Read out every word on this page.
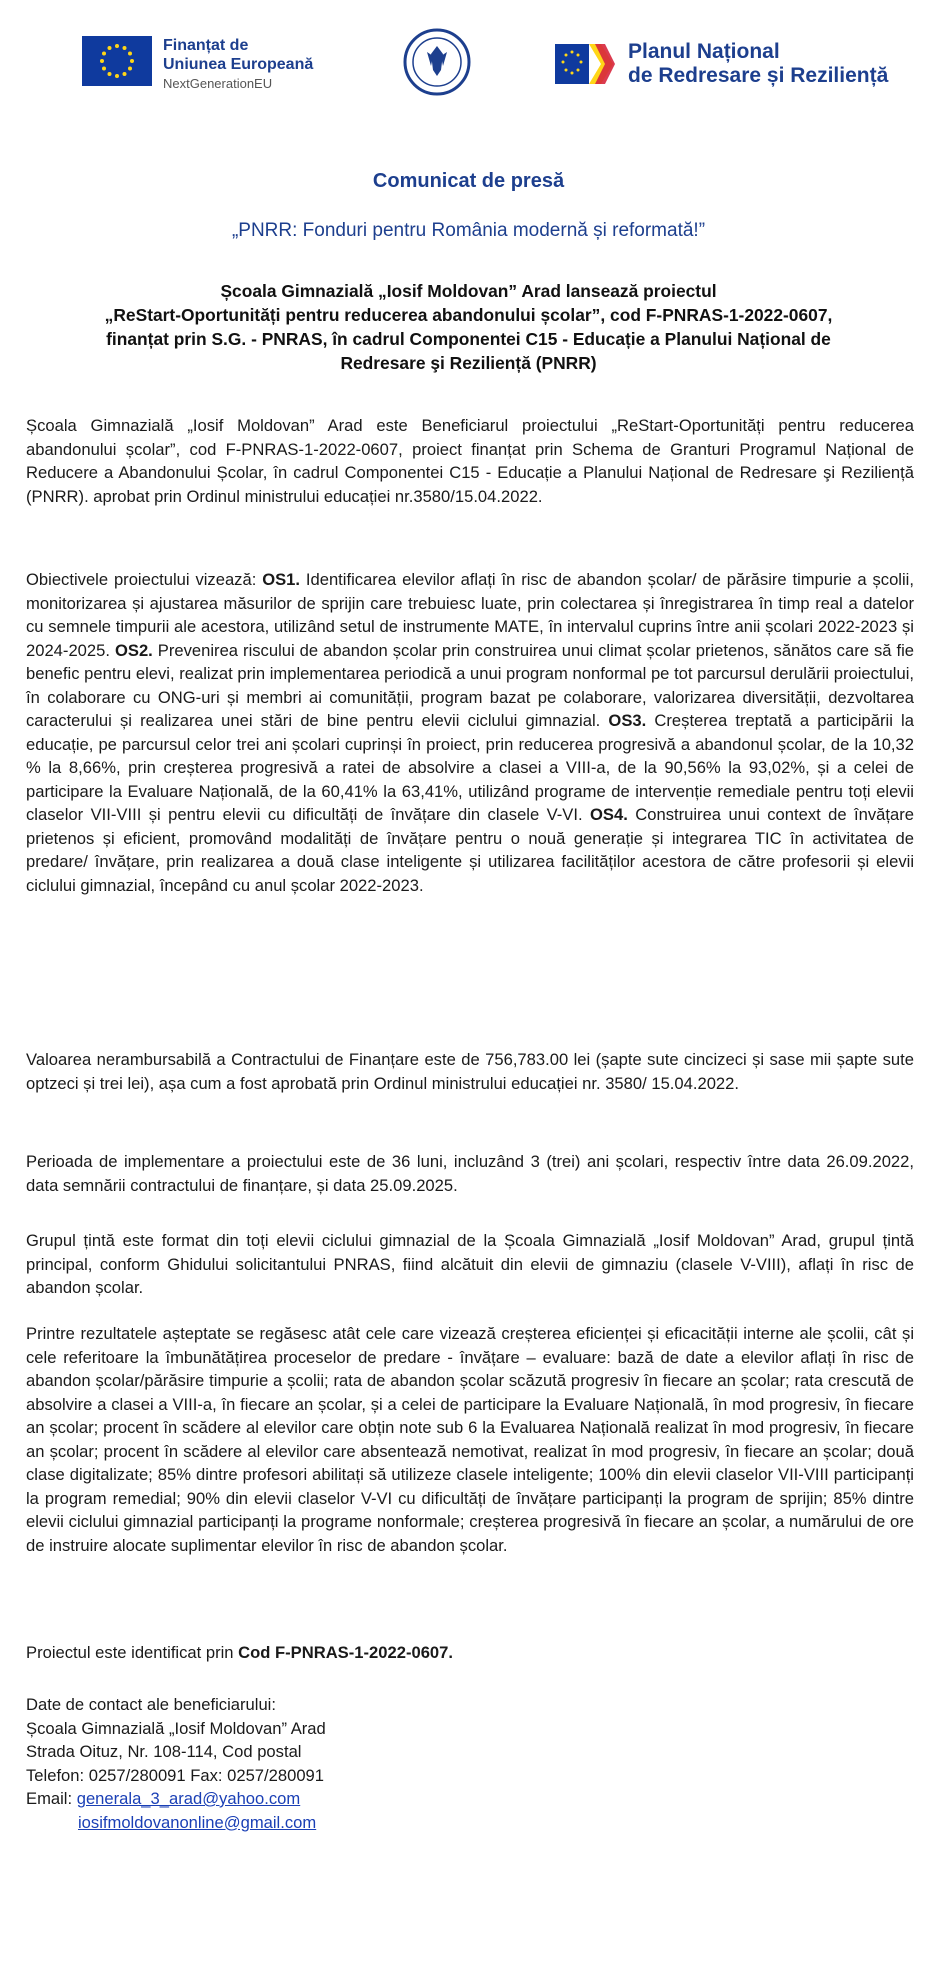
Finanțat de
Uniunea Europeană
NextGenerationEU
Planul Național
de Redresare și Reziliență
Comunicat de presă
„PNRR: Fonduri pentru România modernă și reformată!”
Școala Gimnazială „Iosif Moldovan” Arad lansează proiectul
„ReStart-Oportunități pentru reducerea abandonului școlar”, cod F-PNRAS-1-2022-0607,
finanțat prin S.G. - PNRAS, în cadrul Componentei C15 - Educație a Planului Național de
Redresare şi Reziliență (PNRR)
Școala Gimnazială „Iosif Moldovan” Arad este Beneficiarul proiectului „ReStart-Oportunități pentru reducerea abandonului școlar”, cod F-PNRAS-1-2022-0607, proiect finanțat prin Schema de Granturi Programul Național de Reducere a Abandonului Școlar, în cadrul Componentei C15 - Educație a Planului Național de Redresare şi Reziliență (PNRR). aprobat prin Ordinul ministrului educației nr.3580/15.04.2022.
Obiectivele proiectului vizează: OS1. Identificarea elevilor aflați în risc de abandon școlar/ de părăsire timpurie a școlii, monitorizarea și ajustarea măsurilor de sprijin care trebuiesc luate, prin colectarea și înregistrarea în timp real a datelor cu semnele timpurii ale acestora, utilizând setul de instrumente MATE, în intervalul cuprins între anii școlari 2022-2023 și 2024-2025. OS2. Prevenirea riscului de abandon școlar prin construirea unui climat școlar prietenos, sănătos care să fie benefic pentru elevi, realizat prin implementarea periodică a unui program nonformal pe tot parcursul derulării proiectului, în colaborare cu ONG-uri și membri ai comunității, program bazat pe colaborare, valorizarea diversității, dezvoltarea caracterului și realizarea unei stări de bine pentru elevii ciclului gimnazial. OS3. Creșterea treptată a participării la educație, pe parcursul celor trei ani școlari cuprinși în proiect, prin reducerea progresivă a abandonul școlar, de la 10,32 % la 8,66%, prin creșterea progresivă a ratei de absolvire a clasei a VIII-a, de la 90,56% la 93,02%, și a celei de participare la Evaluare Națională, de la 60,41% la 63,41%, utilizând programe de intervenție remediale pentru toți elevii claselor VII-VIII și pentru elevii cu dificultăți de învățare din clasele V-VI. OS4. Construirea unui context de învățare prietenos și eficient, promovând modalități de învățare pentru o nouă generație și integrarea TIC în activitatea de predare/ învățare, prin realizarea a două clase inteligente și utilizarea facilităților acestora de către profesorii și elevii ciclului gimnazial, începând cu anul școlar 2022-2023.
Valoarea nerambursabilă a Contractului de Finanțare este de 756,783.00 lei (șapte sute cincizeci și sase mii șapte sute optzeci și trei lei), așa cum a fost aprobată prin Ordinul ministrului educației nr. 3580/ 15.04.2022.
Perioada de implementare a proiectului este de 36 luni, incluzând 3 (trei) ani școlari, respectiv între data 26.09.2022, data semnării contractului de finanțare, și data 25.09.2025.
Grupul țintă este format din toți elevii ciclului gimnazial de la Școala Gimnazială „Iosif Moldovan” Arad, grupul țintă principal, conform Ghidului solicitantului PNRAS, fiind alcătuit din elevii de gimnaziu (clasele V-VIII), aflați în risc de abandon școlar.
Printre rezultatele așteptate se regăsesc atât cele care vizează creșterea eficienței și eficacității interne ale școlii, cât și cele referitoare la îmbunătățirea proceselor de predare - învățare – evaluare: bază de date a elevilor aflați în risc de abandon școlar/părăsire timpurie a școlii; rata de abandon școlar scăzută progresiv în fiecare an școlar; rata crescută de absolvire a clasei a VIII-a, în fiecare an școlar, și a celei de participare la Evaluare Națională, în mod progresiv, în fiecare an școlar; procent în scădere al elevilor care obțin note sub 6 la Evaluarea Națională realizat în mod progresiv, în fiecare an școlar; procent în scădere al elevilor care absentează nemotivat, realizat în mod progresiv, în fiecare an școlar; două clase digitalizate; 85% dintre profesori abilitați să utilizeze clasele inteligente; 100% din elevii claselor VII-VIII participanți la program remedial; 90% din elevii claselor V-VI cu dificultăți de învățare participanți la program de sprijin; 85% dintre elevii ciclului gimnazial participanți la programe nonformale; creșterea progresivă în fiecare an școlar, a numărului de ore de instruire alocate suplimentar elevilor în risc de abandon școlar.
Proiectul este identificat prin Cod F-PNRAS-1-2022-0607.
Date de contact ale beneficiarului:
Școala Gimnazială „Iosif Moldovan” Arad
Strada Oituz, Nr. 108-114, Cod postal
Telefon: 0257/280091 Fax: 0257/280091
Email: generala_3_arad@yahoo.com
iosifmoldovanonline@gmail.com
